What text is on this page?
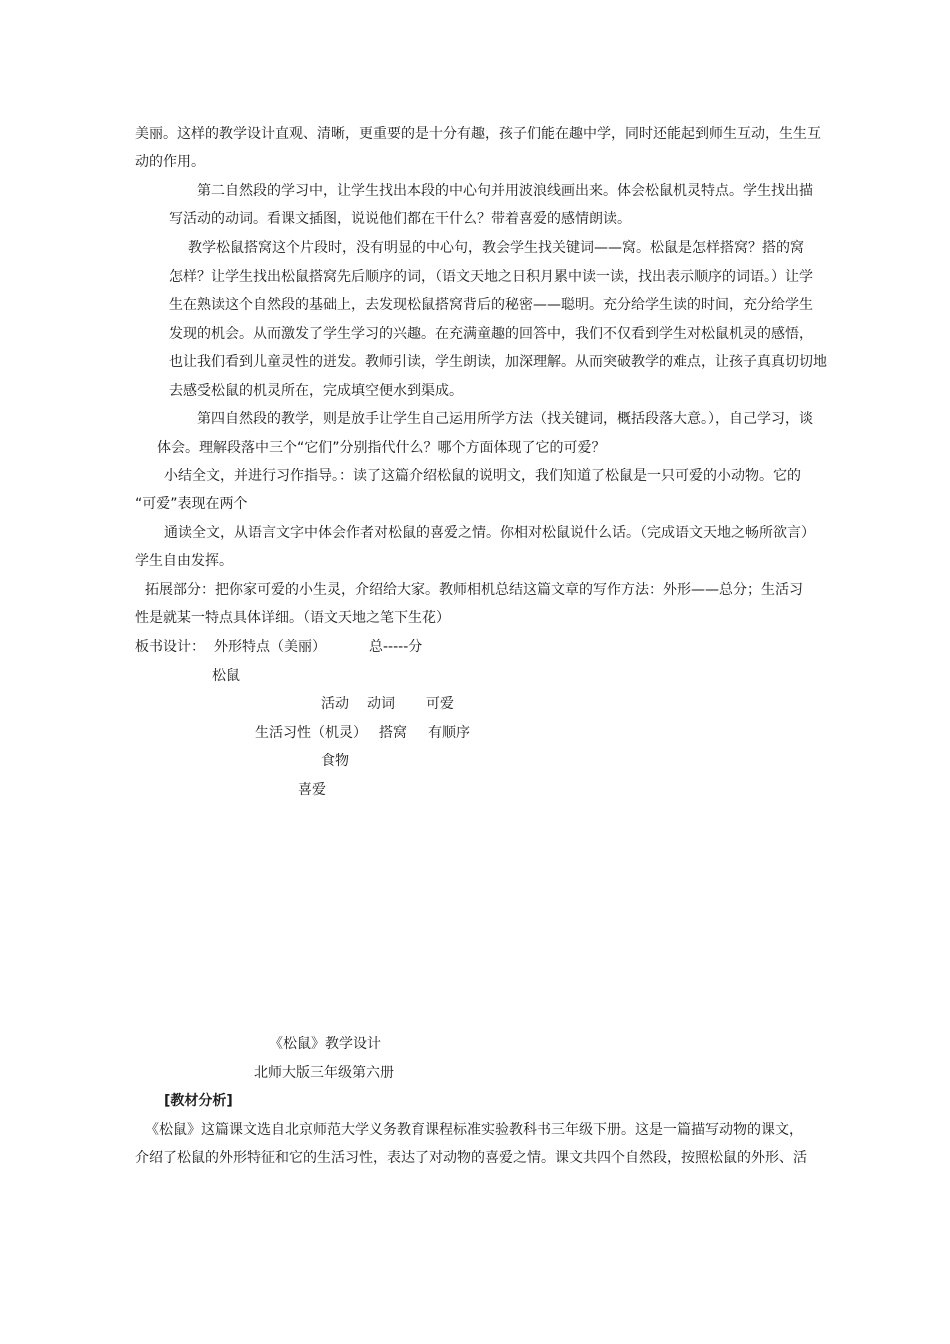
美丽。这样的教学设计直观、清晰，更重要的是十分有趣，孩子们能在趣中学，同时还能起到师生互动，生生互

动的作用。

第二自然段的学习中，让学生找出本段的中心句并用波浪线画出来。体会松鼠机灵特点。学生找出描

写活动的动词。看课文插图，说说他们都在干什么？带着喜爱的感情朗读。

教学松鼠搭窝这个片段时，没有明显的中心句，教会学生找关键词——窝。松鼠是怎样搭窝？搭的窝

怎样？让学生找出松鼠搭窝先后顺序的词，（语文天地之日积月累中读一读，找出表示顺序的词语。）让学

生在熟读这个自然段的基础上，去发现松鼠搭窝背后的秘密——聪明。充分给学生读的时间，充分给学生

发现的机会。从而激发了学生学习的兴趣。在充满童趣的回答中，我们不仅看到学生对松鼠机灵的感悟，

也让我们看到儿童灵性的迸发。教师引读，学生朗读，加深理解。从而突破教学的难点，让孩子真真切切地

去感受松鼠的机灵所在，完成填空便水到渠成。

第四自然段的教学，则是放手让学生自己运用所学方法（找关键词，概括段落大意。），自己学习，谈

体会。理解段落中三个“它们”分别指代什么？哪个方面体现了它的可爱？

小结全文，并进行习作指导。：读了这篇介绍松鼠的说明文，我们知道了松鼠是一只可爱的小动物。它的

“可爱”表现在两个

通读全文，从语言文字中体会作者对松鼠的喜爱之情。你相对松鼠说什么话。（完成语文天地之畅所欲言）

学生自由发挥。

拓展部分：把你家可爱的小生灵，介绍给大家。教师相机总结这篇文章的写作方法：外形——总分；生活习

性是就某一特点具体详细。（语文天地之笔下生花）

板书设计： 外形特点（美丽）	总-----分
松鼠
活动 动词 可爱
生活习性（机灵） 搭窝 有顺序
食物
喜爱

《松鼠》教学设计

北师大版三年级第六册

[教材分析]

《松鼠》这篇课文选自北京师范大学义务教育课程标准实验教科书三年级下册。这是一篇描写动物的课文，

介绍了松鼠的外形特征和它的生活习性，表达了对动物的喜爱之情。课文共四个自然段，按照松鼠的外形、活
